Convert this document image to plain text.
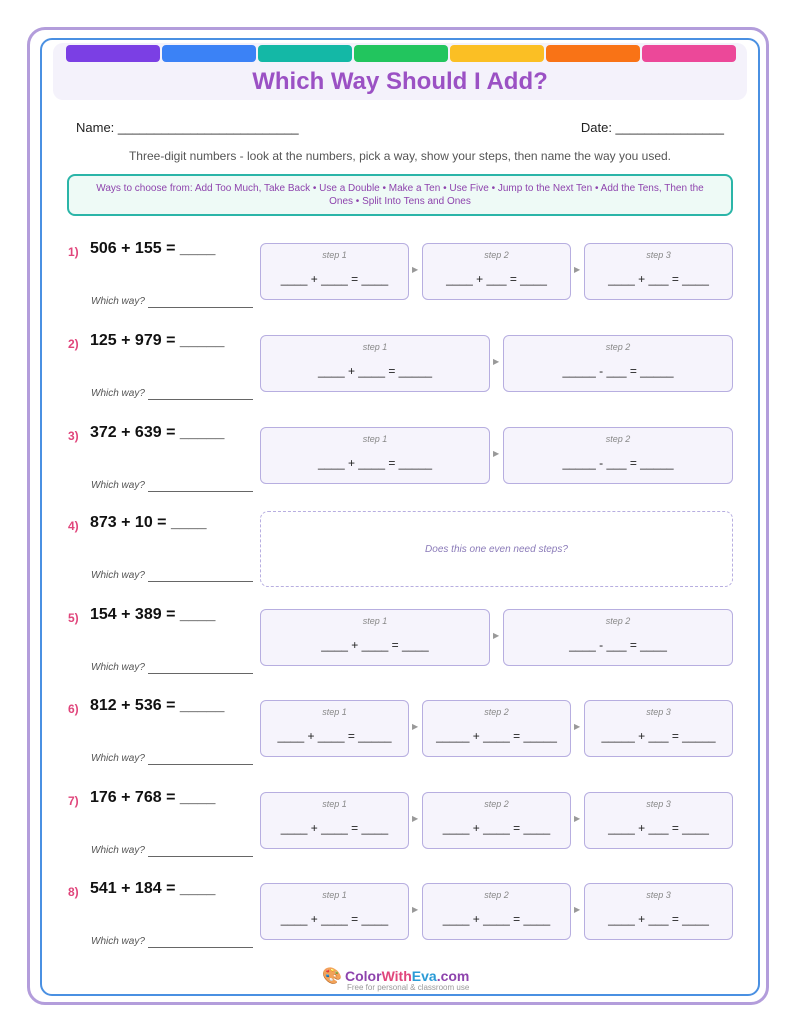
Which Way Should I Add?
Name: _________________________	Date: _______________
Three-digit numbers - look at the numbers, pick a way, show your steps, then name the way you used.
Ways to choose from: Add Too Much, Take Back • Use a Double • Make a Ten • Use Five • Jump to the Next Ten • Add the Tens, Then the Ones • Split Into Tens and Ones
1) 506 + 155 = ____
Which way?
step 1
____ + ____ = ____
▶
step 2
____ + ___ = ____
▶
step 3
____ + ___ = ____
2) 125 + 979 = _____
Which way?
step 1
____ + ____ = _____
▶
step 2
_____ - ___ = _____
3) 372 + 639 = _____
Which way?
step 1
____ + ____ = _____
▶
step 2
_____ - ___ = _____
4) 873 + 10 = ____
Which way?
Does this one even need steps?
5) 154 + 389 = ____
Which way?
step 1
____ + ____ = ____
▶
step 2
____ - ___ = ____
6) 812 + 536 = _____
Which way?
step 1
____ + ____ = _____
▶
step 2
_____ + ____ = _____
▶
step 3
_____ + ___ = _____
7) 176 + 768 = ____
Which way?
step 1
____ + ____ = ____
▶
step 2
____ + ____ = ____
▶
step 3
____ + ___ = ____
8) 541 + 184 = ____
Which way?
step 1
____ + ____ = ____
▶
step 2
____ + ____ = ____
▶
step 3
____ + ___ = ____
🎨 ColorWithEva.com
Free for personal & classroom use
